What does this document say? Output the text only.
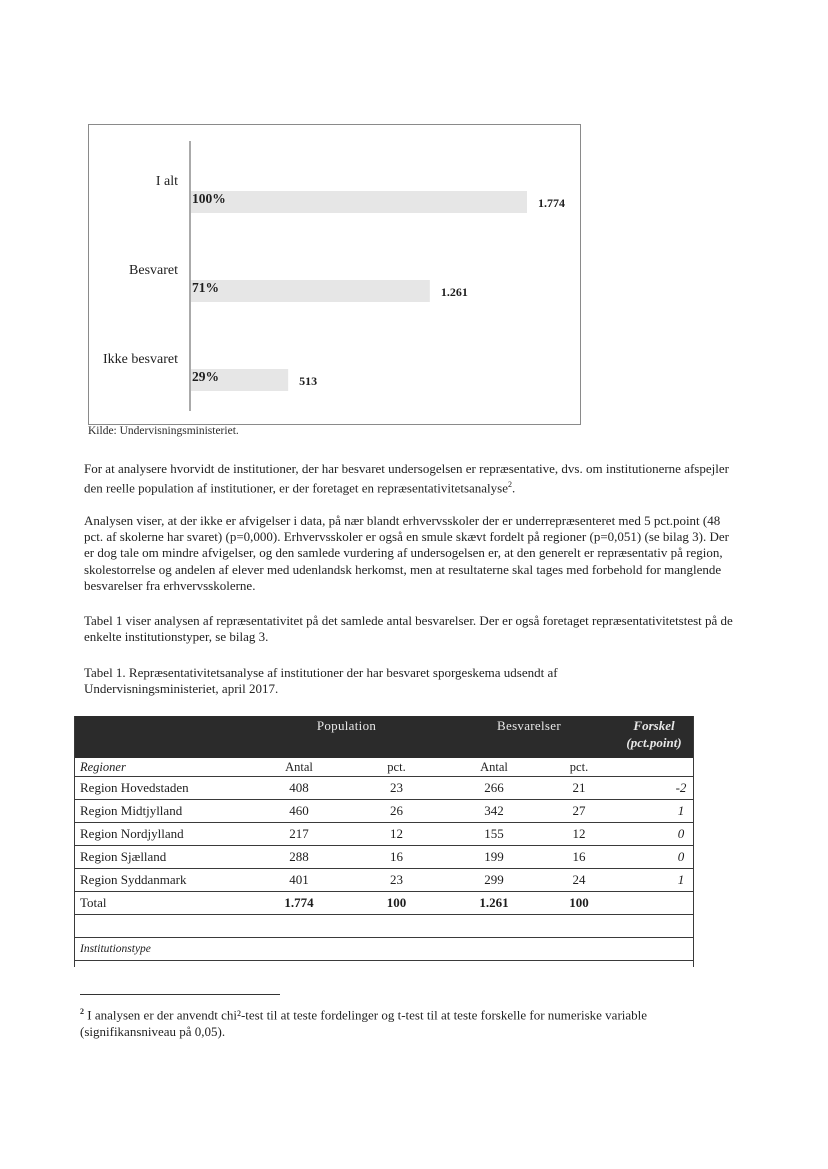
I alt
100%	1.774
Besvaret
71%	1.261
Ikke besvaret
29%	513
Kilde: Undervisningsministeriet.

For at analysere hvorvidt de institutioner, der har besvaret undersogelsen er repræsentative, dvs. om institutionerne afspejler den reelle population af institutioner, er der foretaget en repræsentativitetsanalyse$^2$.

Analysen viser, at der ikke er afvigelser i data, på nær blandt erhvervsskoler der er underrepræsenteret med 5 pct.point (48 pct. af skolerne har svaret) (p=0,000). Erhvervsskoler er også en smule skævt fordelt på regioner (p=0,051) (se bilag 3). Der er dog tale om mindre afvigelser, og den samlede vurdering af undersogelsen er, at den generelt er repræsentativ på region, skolestorrelse og andelen af elever med udenlandsk herkomst, men at resultaterne skal tages med forbehold for manglende besvarelser fra erhvervsskolerne.

Tabel 1 viser analysen af repræsentativitet på det samlede antal besvarelser. Der er også foretaget repræsentativitetstest på de enkelte institutionstyper, se bilag 3.

Tabel 1. Repræsentativitetsanalyse af institutioner der har besvaret sporgeskema udsendt af Undervisningsministeriet, april 2017.

	Population		Besvarelser		Forskel
(pct.point)
Regioner	Antal	pct.	Antal	pct.	
Region Hovedstaden	408	23	266	21	-2
Region Midtjylland	460	26	342	27	1
Region Nordjylland	217	12	155	12	0
Region Sjælland	288	16	199	16	0
Region Syddanmark	401	23	299	24	1
Total	1.774	100	1.261	100	

Institutionstype					

$^2$ I analysen er der anvendt chi²-test til at teste fordelinger og t-test til at teste forskelle for numeriske variable (signifikansniveau på 0,05).
